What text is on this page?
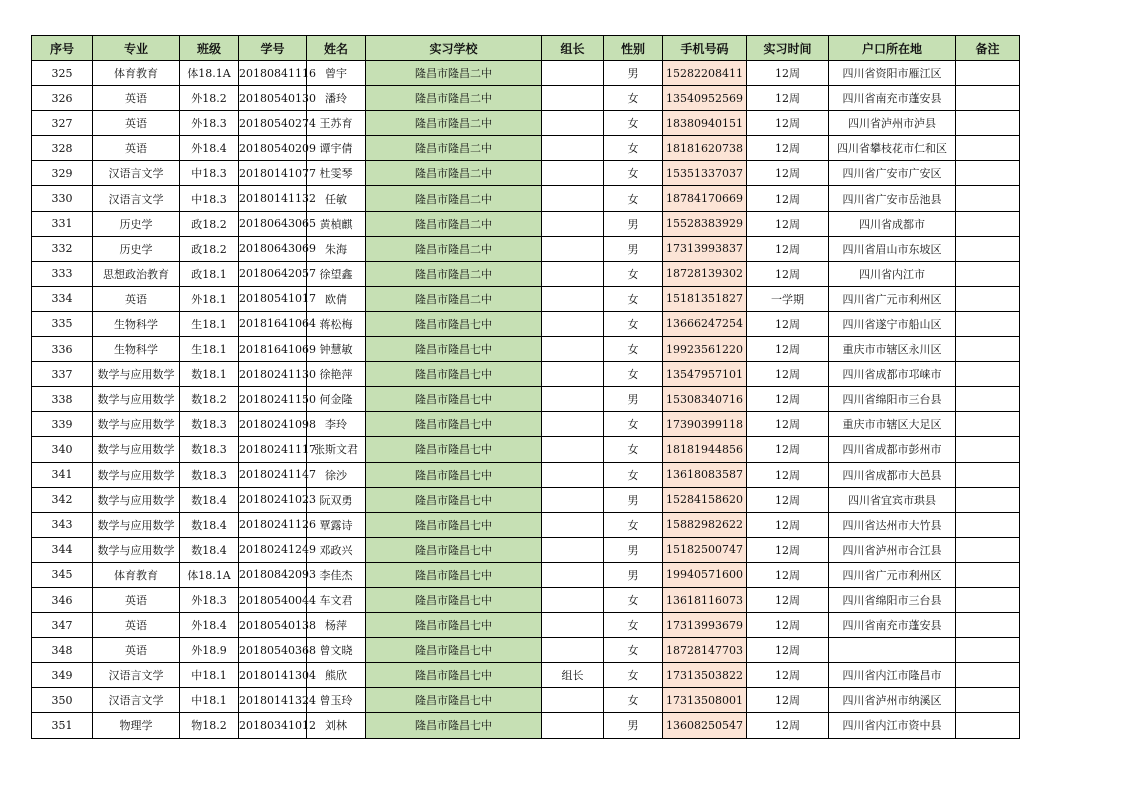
序号	专业	班级	学号	姓名	实习学校	组长	性别	手机号码	实习时间	户口所在地	备注
325	体育教育	体18.1A	20180841116	曾宇	隆昌市隆昌二中		男	15282208411	12周	四川省资阳市雁江区	
326	英语	外18.2	20180540130	潘玲	隆昌市隆昌二中		女	13540952569	12周	四川省南充市蓬安县	
327	英语	外18.3	20180540274	王苏育	隆昌市隆昌二中		女	18380940151	12周	四川省泸州市泸县	
328	英语	外18.4	20180540209	谭宇倩	隆昌市隆昌二中		女	18181620738	12周	四川省攀枝花市仁和区	
329	汉语言文学	中18.3	20180141077	杜雯琴	隆昌市隆昌二中		女	15351337037	12周	四川省广安市广安区	
330	汉语言文学	中18.3	20180141132	任敏	隆昌市隆昌二中		女	18784170669	12周	四川省广安市岳池县	
331	历史学	政18.2	20180643065	黄楨麒	隆昌市隆昌二中		男	15528383929	12周	四川省成都市	
332	历史学	政18.2	20180643069	朱海	隆昌市隆昌二中		男	17313993837	12周	四川省眉山市东坡区	
333	思想政治教育	政18.1	20180642057	徐望鑫	隆昌市隆昌二中		女	18728139302	12周	四川省内江市	
334	英语	外18.1	20180541017	欧倩	隆昌市隆昌二中		女	15181351827	一学期	四川省广元市利州区	
335	生物科学	生18.1	20181641064	蒋松梅	隆昌市隆昌七中		女	13666247254	12周	四川省遂宁市船山区	
336	生物科学	生18.1	20181641069	钟慧敏	隆昌市隆昌七中		女	19923561220	12周	重庆市市辖区永川区	
337	数学与应用数学	数18.1	20180241130	徐艳萍	隆昌市隆昌七中		女	13547957101	12周	四川省成都市邛崃市	
338	数学与应用数学	数18.2	20180241150	何金隆	隆昌市隆昌七中		男	15308340716	12周	四川省绵阳市三台县	
339	数学与应用数学	数18.3	20180241098	李玲	隆昌市隆昌七中		女	17390399118	12周	重庆市市辖区大足区	
340	数学与应用数学	数18.3	20180241117	张斯文君	隆昌市隆昌七中		女	18181944856	12周	四川省成都市彭州市	
341	数学与应用数学	数18.3	20180241147	徐沙	隆昌市隆昌七中		女	13618083587	12周	四川省成都市大邑县	
342	数学与应用数学	数18.4	20180241023	阮双勇	隆昌市隆昌七中		男	15284158620	12周	四川省宜宾市珙县	
343	数学与应用数学	数18.4	20180241126	覃露诗	隆昌市隆昌七中		女	15882982622	12周	四川省达州市大竹县	
344	数学与应用数学	数18.4	20180241249	邓政兴	隆昌市隆昌七中		男	15182500747	12周	四川省泸州市合江县	
345	体育教育	体18.1A	20180842093	李佳杰	隆昌市隆昌七中		男	19940571600	12周	四川省广元市利州区	
346	英语	外18.3	20180540044	车文君	隆昌市隆昌七中		女	13618116073	12周	四川省绵阳市三台县	
347	英语	外18.4	20180540138	杨萍	隆昌市隆昌七中		女	17313993679	12周	四川省南充市蓬安县	
348	英语	外18.9	20180540368	曾文晓	隆昌市隆昌七中		女	18728147703	12周		
349	汉语言文学	中18.1	20180141304	熊欣	隆昌市隆昌七中	组长	女	17313503822	12周	四川省内江市隆昌市	
350	汉语言文学	中18.1	20180141324	曾玉玲	隆昌市隆昌七中		女	17313508001	12周	四川省泸州市纳溪区	
351	物理学	物18.2	20180341012	刘林	隆昌市隆昌七中		男	13608250547	12周	四川省内江市资中县	
